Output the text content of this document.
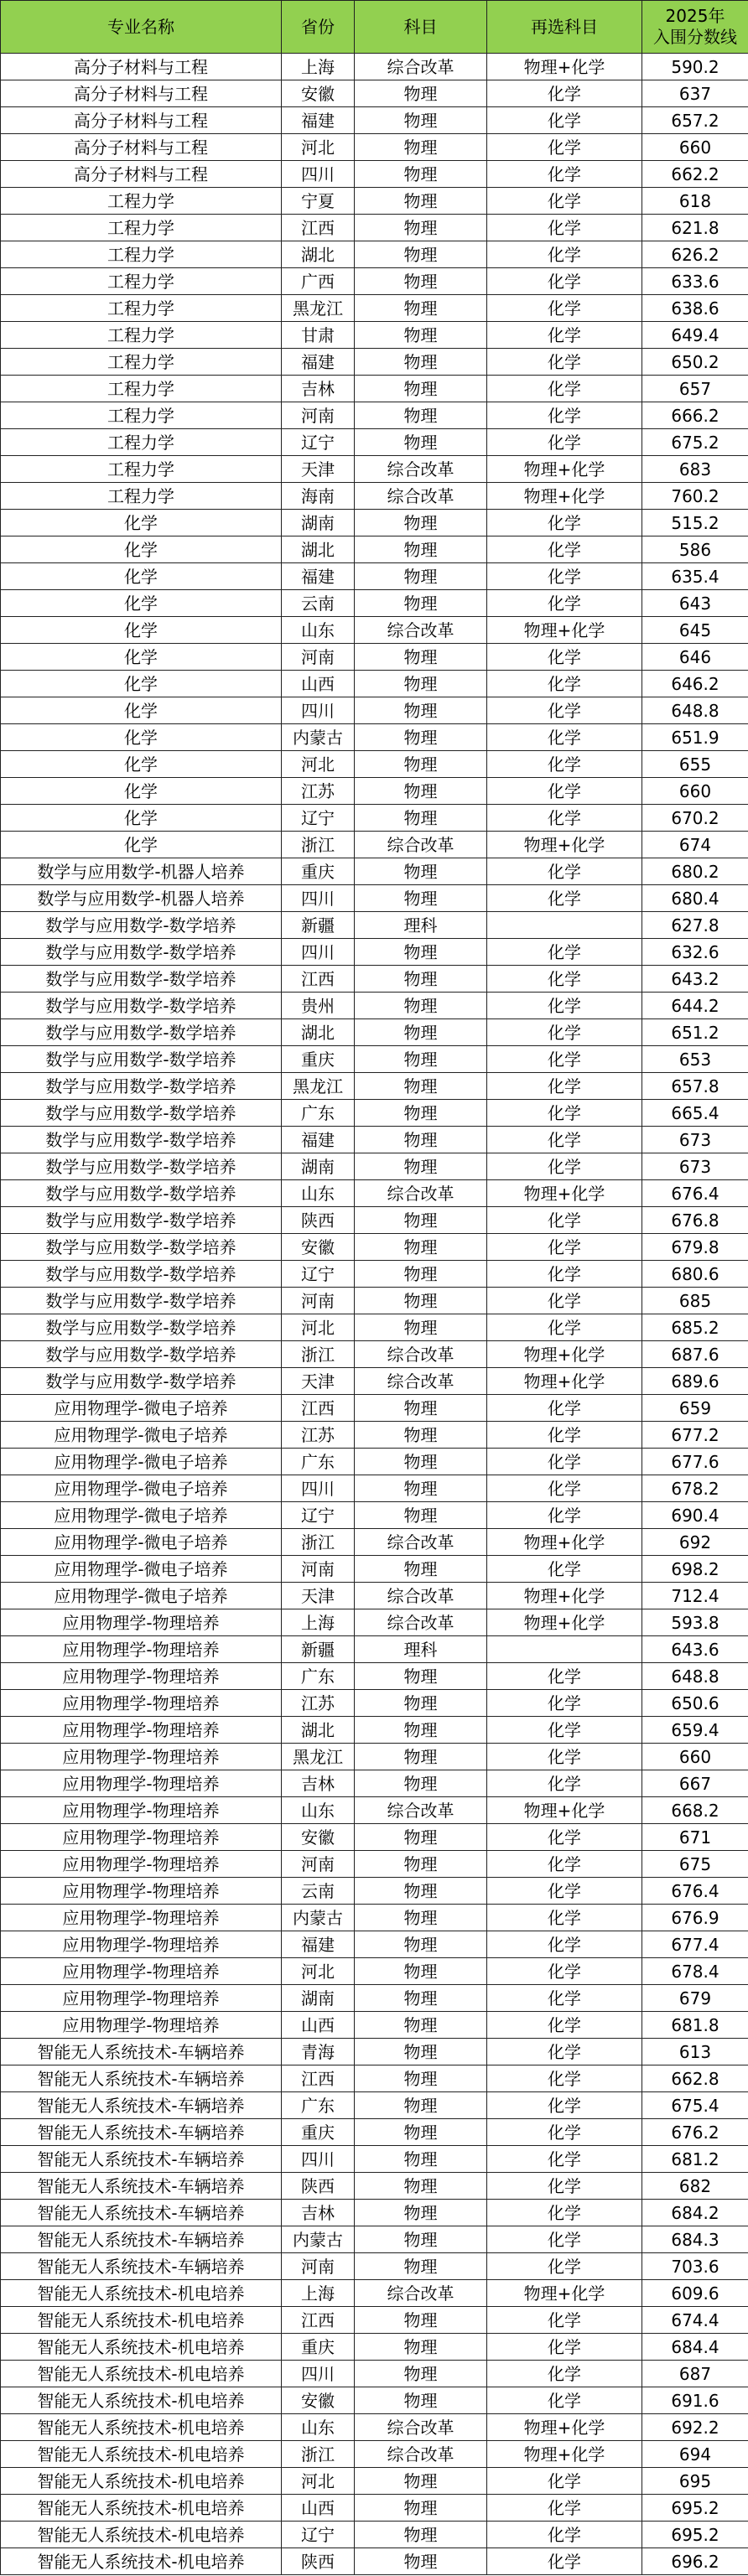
专业名称	省份	科目	再选科目	2025年
入围分数线
高分子材料与工程	上海	综合改革	物理+化学	590.2
高分子材料与工程	安徽	物理	化学	637
高分子材料与工程	福建	物理	化学	657.2
高分子材料与工程	河北	物理	化学	660
高分子材料与工程	四川	物理	化学	662.2
工程力学	宁夏	物理	化学	618
工程力学	江西	物理	化学	621.8
工程力学	湖北	物理	化学	626.2
工程力学	广西	物理	化学	633.6
工程力学	黑龙江	物理	化学	638.6
工程力学	甘肃	物理	化学	649.4
工程力学	福建	物理	化学	650.2
工程力学	吉林	物理	化学	657
工程力学	河南	物理	化学	666.2
工程力学	辽宁	物理	化学	675.2
工程力学	天津	综合改革	物理+化学	683
工程力学	海南	综合改革	物理+化学	760.2
化学	湖南	物理	化学	515.2
化学	湖北	物理	化学	586
化学	福建	物理	化学	635.4
化学	云南	物理	化学	643
化学	山东	综合改革	物理+化学	645
化学	河南	物理	化学	646
化学	山西	物理	化学	646.2
化学	四川	物理	化学	648.8
化学	内蒙古	物理	化学	651.9
化学	河北	物理	化学	655
化学	江苏	物理	化学	660
化学	辽宁	物理	化学	670.2
化学	浙江	综合改革	物理+化学	674
数学与应用数学-机器人培养	重庆	物理	化学	680.2
数学与应用数学-机器人培养	四川	物理	化学	680.4
数学与应用数学-数学培养	新疆	理科		627.8
数学与应用数学-数学培养	四川	物理	化学	632.6
数学与应用数学-数学培养	江西	物理	化学	643.2
数学与应用数学-数学培养	贵州	物理	化学	644.2
数学与应用数学-数学培养	湖北	物理	化学	651.2
数学与应用数学-数学培养	重庆	物理	化学	653
数学与应用数学-数学培养	黑龙江	物理	化学	657.8
数学与应用数学-数学培养	广东	物理	化学	665.4
数学与应用数学-数学培养	福建	物理	化学	673
数学与应用数学-数学培养	湖南	物理	化学	673
数学与应用数学-数学培养	山东	综合改革	物理+化学	676.4
数学与应用数学-数学培养	陕西	物理	化学	676.8
数学与应用数学-数学培养	安徽	物理	化学	679.8
数学与应用数学-数学培养	辽宁	物理	化学	680.6
数学与应用数学-数学培养	河南	物理	化学	685
数学与应用数学-数学培养	河北	物理	化学	685.2
数学与应用数学-数学培养	浙江	综合改革	物理+化学	687.6
数学与应用数学-数学培养	天津	综合改革	物理+化学	689.6
应用物理学-微电子培养	江西	物理	化学	659
应用物理学-微电子培养	江苏	物理	化学	677.2
应用物理学-微电子培养	广东	物理	化学	677.6
应用物理学-微电子培养	四川	物理	化学	678.2
应用物理学-微电子培养	辽宁	物理	化学	690.4
应用物理学-微电子培养	浙江	综合改革	物理+化学	692
应用物理学-微电子培养	河南	物理	化学	698.2
应用物理学-微电子培养	天津	综合改革	物理+化学	712.4
应用物理学-物理培养	上海	综合改革	物理+化学	593.8
应用物理学-物理培养	新疆	理科		643.6
应用物理学-物理培养	广东	物理	化学	648.8
应用物理学-物理培养	江苏	物理	化学	650.6
应用物理学-物理培养	湖北	物理	化学	659.4
应用物理学-物理培养	黑龙江	物理	化学	660
应用物理学-物理培养	吉林	物理	化学	667
应用物理学-物理培养	山东	综合改革	物理+化学	668.2
应用物理学-物理培养	安徽	物理	化学	671
应用物理学-物理培养	河南	物理	化学	675
应用物理学-物理培养	云南	物理	化学	676.4
应用物理学-物理培养	内蒙古	物理	化学	676.9
应用物理学-物理培养	福建	物理	化学	677.4
应用物理学-物理培养	河北	物理	化学	678.4
应用物理学-物理培养	湖南	物理	化学	679
应用物理学-物理培养	山西	物理	化学	681.8
智能无人系统技术-车辆培养	青海	物理	化学	613
智能无人系统技术-车辆培养	江西	物理	化学	662.8
智能无人系统技术-车辆培养	广东	物理	化学	675.4
智能无人系统技术-车辆培养	重庆	物理	化学	676.2
智能无人系统技术-车辆培养	四川	物理	化学	681.2
智能无人系统技术-车辆培养	陕西	物理	化学	682
智能无人系统技术-车辆培养	吉林	物理	化学	684.2
智能无人系统技术-车辆培养	内蒙古	物理	化学	684.3
智能无人系统技术-车辆培养	河南	物理	化学	703.6
智能无人系统技术-机电培养	上海	综合改革	物理+化学	609.6
智能无人系统技术-机电培养	江西	物理	化学	674.4
智能无人系统技术-机电培养	重庆	物理	化学	684.4
智能无人系统技术-机电培养	四川	物理	化学	687
智能无人系统技术-机电培养	安徽	物理	化学	691.6
智能无人系统技术-机电培养	山东	综合改革	物理+化学	692.2
智能无人系统技术-机电培养	浙江	综合改革	物理+化学	694
智能无人系统技术-机电培养	河北	物理	化学	695
智能无人系统技术-机电培养	山西	物理	化学	695.2
智能无人系统技术-机电培养	辽宁	物理	化学	695.2
智能无人系统技术-机电培养	陕西	物理	化学	696.2
